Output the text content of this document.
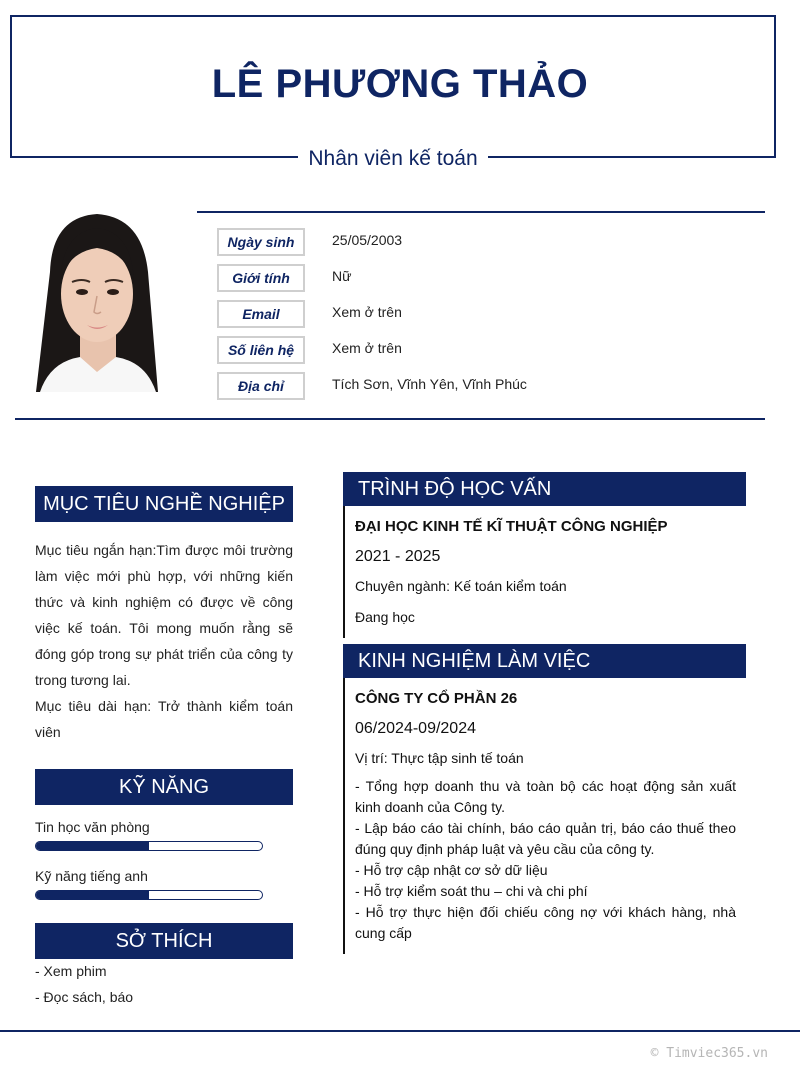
LÊ PHƯƠNG THẢO
Nhân viên kế toán
Ngày sinh	25/05/2003
Giới tính	Nữ
Email	Xem ở trên
Số liên hệ	Xem ở trên
Địa chỉ	Tích Sơn, Vĩnh Yên, Vĩnh Phúc
MỤC TIÊU NGHỀ NGHIỆP
Mục tiêu ngắn hạn:Tìm được môi trường làm việc mới phù hợp, với những kiến thức và kinh nghiệm có được về công việc kế toán. Tôi mong muốn rằng sẽ đóng góp trong sự phát triển của công ty trong tương lai.
Mục tiêu dài hạn: Trở thành kiểm toán viên
KỸ NĂNG
Tin học văn phòng
Kỹ năng tiếng anh
SỞ THÍCH
- Xem phim
- Đọc sách, báo
TRÌNH ĐỘ HỌC VẤN
ĐẠI HỌC KINH TẾ KĨ THUẬT CÔNG NGHIỆP
2021 - 2025
Chuyên ngành: Kế toán kiểm toán
Đang học
KINH NGHIỆM LÀM VIỆC
CÔNG TY CỔ PHẦN 26
06/2024-09/2024
Vị trí: Thực tập sinh tế toán
- Tổng hợp doanh thu và toàn bộ các hoạt động sản xuất kinh doanh của Công ty.
- Lập báo cáo tài chính, báo cáo quản trị, báo cáo thuế theo đúng quy định pháp luật và yêu cầu của công ty.
- Hỗ trợ cập nhật cơ sở dữ liệu
- Hỗ trợ kiểm soát thu – chi và chi phí
- Hỗ trợ thực hiện đối chiếu công nợ với khách hàng, nhà cung cấp
© Timviec365.vn
